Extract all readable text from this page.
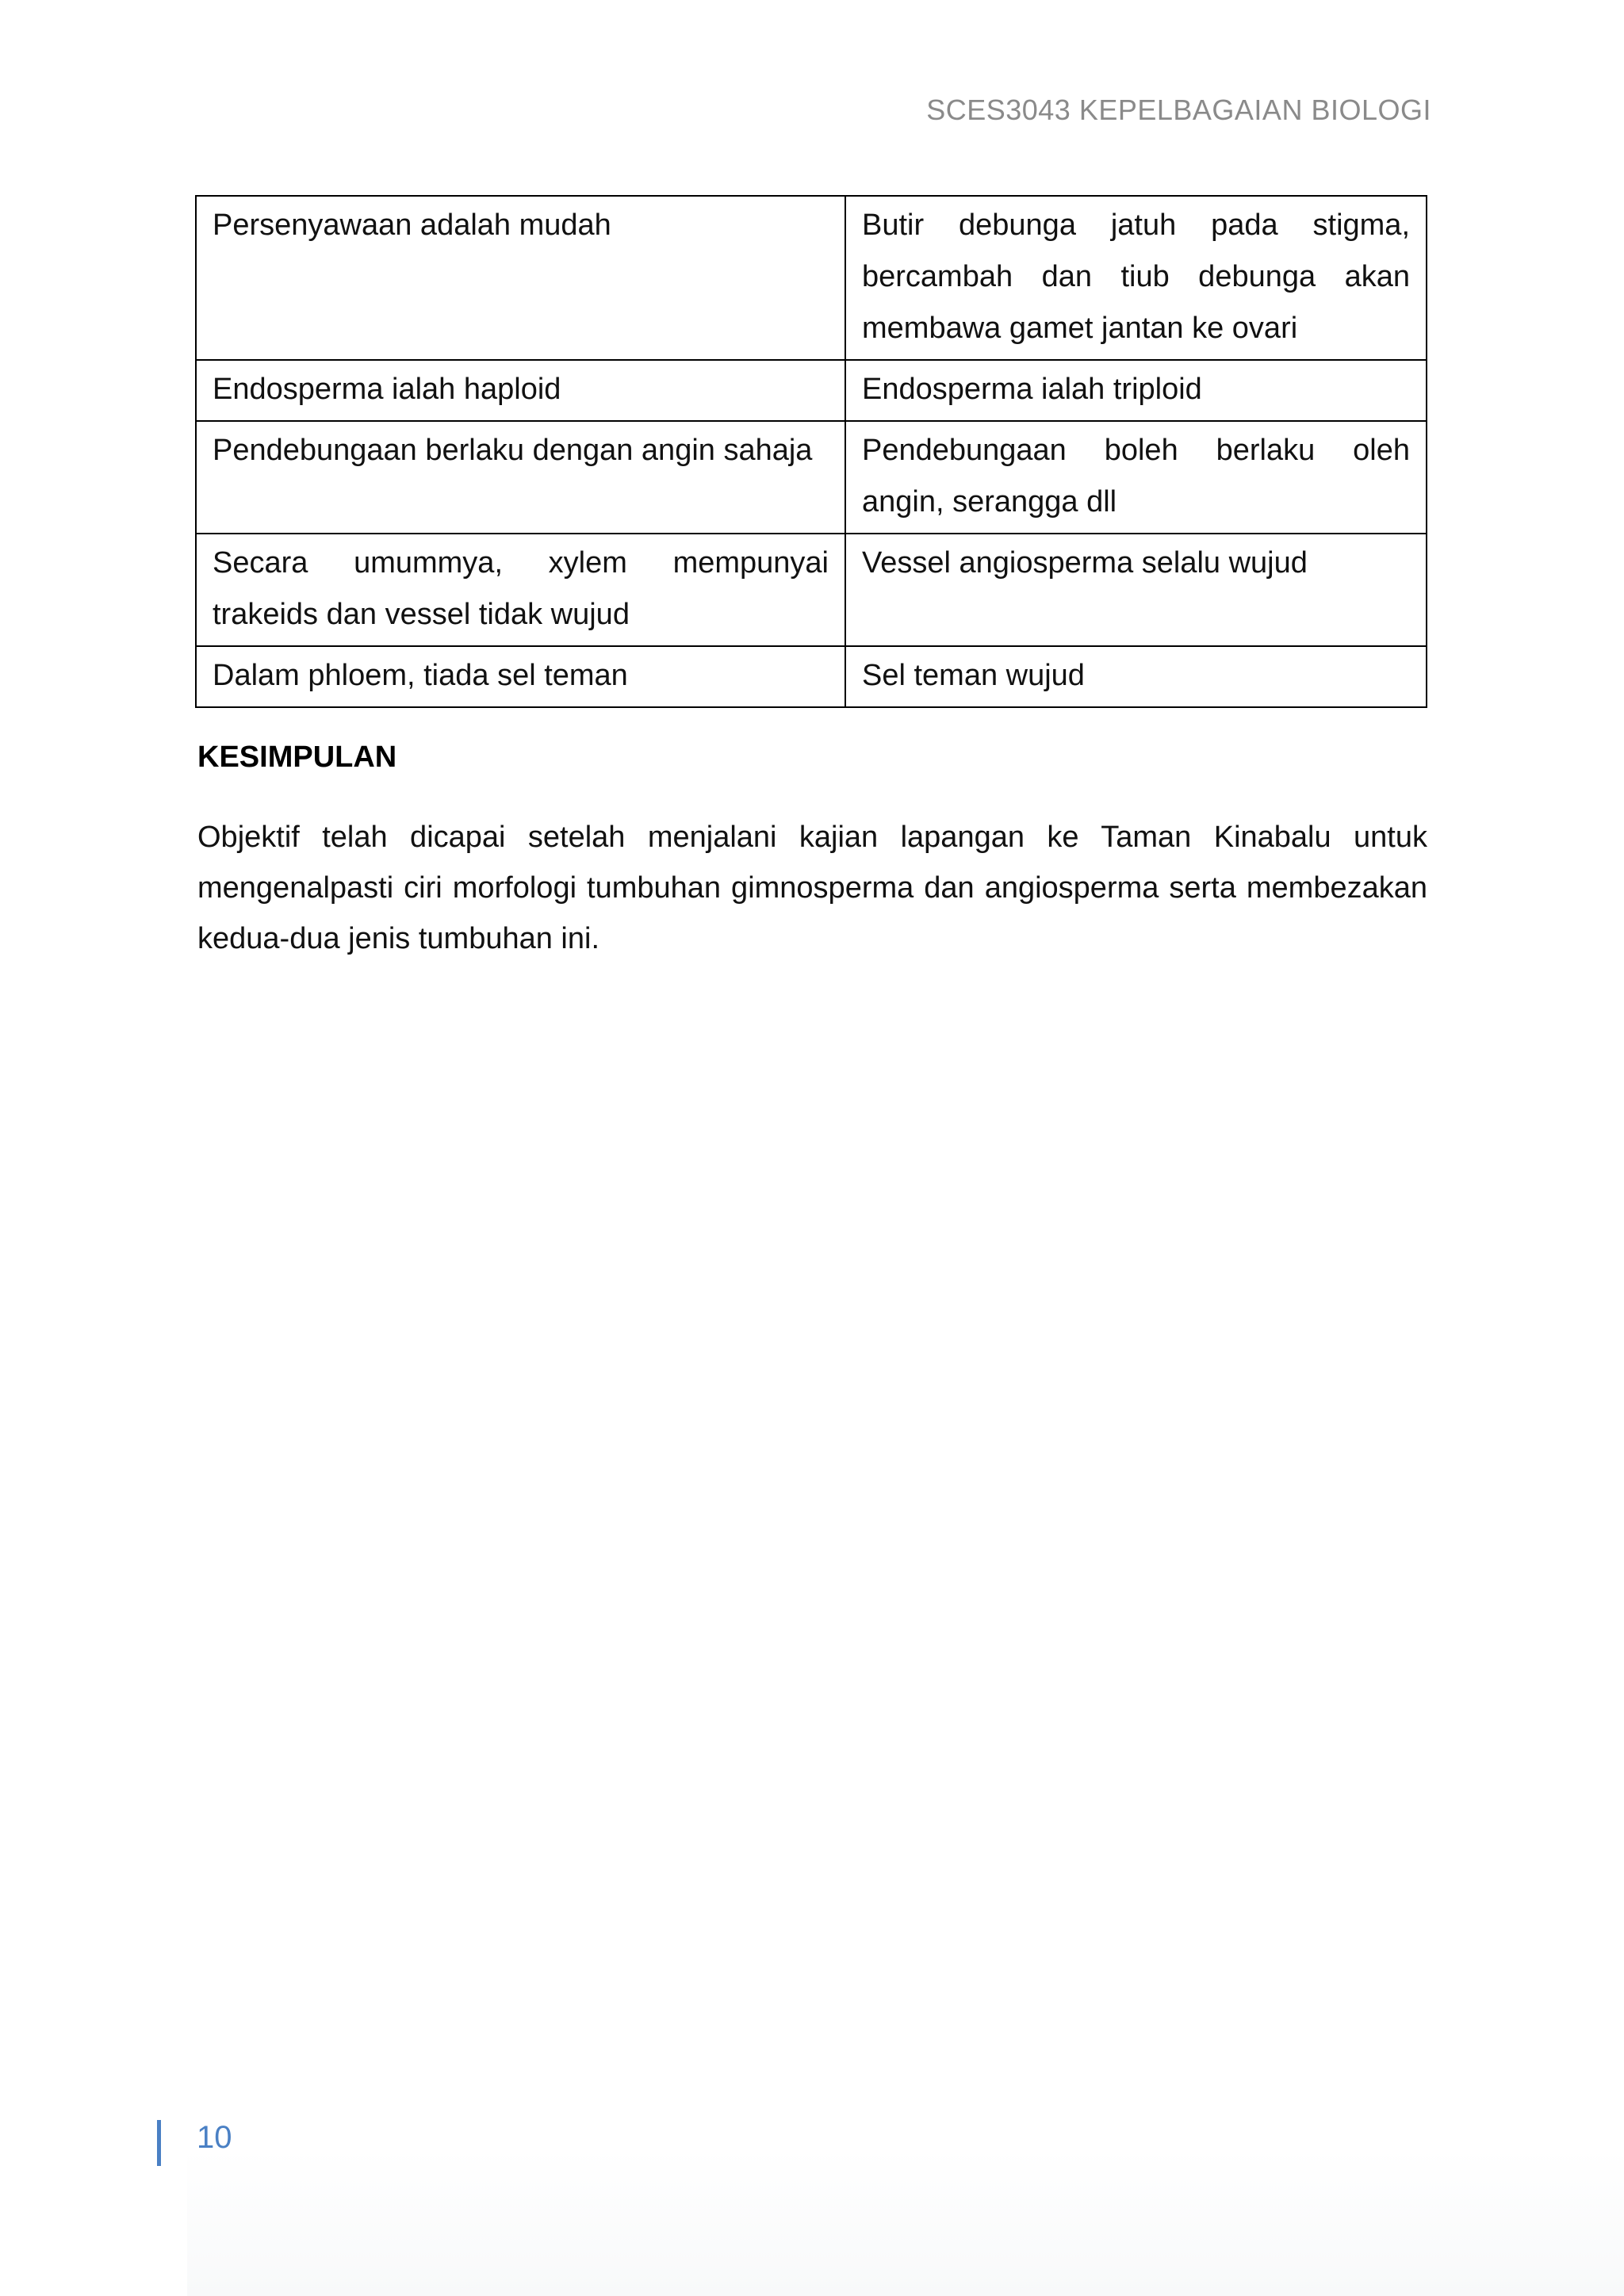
SCES3043 KEPELBAGAIAN BIOLOGI
Persenyawaan adalah mudah	Butir debunga jatuh pada stigma, bercambah dan tiub debunga akan membawa gamet jantan ke ovari
Endosperma ialah haploid	Endosperma ialah triploid
Pendebungaan berlaku dengan angin sahaja	Pendebungaan boleh berlaku oleh angin, serangga dll
Secara umummya, xylem mempunyai trakeids dan vessel tidak wujud	Vessel angiosperma selalu wujud
Dalam phloem, tiada sel teman	Sel teman wujud
KESIMPULAN
Objektif telah dicapai setelah menjalani kajian lapangan ke Taman Kinabalu untuk mengenalpasti ciri morfologi tumbuhan gimnosperma dan angiosperma serta membezakan kedua-dua jenis tumbuhan ini.
10
